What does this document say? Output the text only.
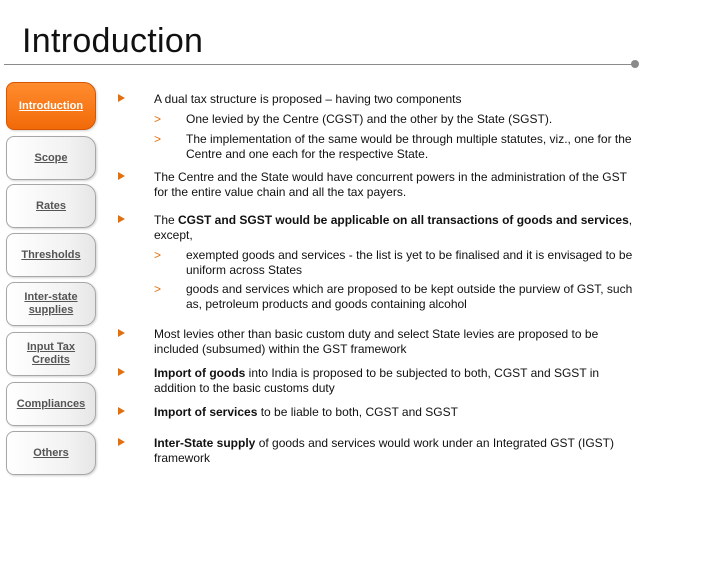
Introduction
Introduction
Scope
Rates
Thresholds
Inter-state
supplies
Input Tax
Credits
Compliances
Others
A dual tax structure is proposed – having two components
> One levied by the Centre (CGST) and the other by the State (SGST).
> The implementation of the same would be through multiple statutes, viz., one for the Centre and one each for the respective State.
The Centre and the State would have concurrent powers in the administration of the GST for the entire value chain and all the tax payers.
The CGST and SGST would be applicable on all transactions of goods and services, except,
> exempted goods and services - the list is yet to be finalised and it is envisaged to be uniform across States
> goods and services which are proposed to be kept outside the purview of GST, such as, petroleum products and goods containing alcohol
Most levies other than basic custom duty and select State levies are proposed to be included (subsumed) within the GST framework
Import of goods into India is proposed to be subjected to both, CGST and SGST in addition to the basic customs duty
Import of services to be liable to both, CGST and SGST
Inter-State supply of goods and services would work under an Integrated GST (IGST) framework
